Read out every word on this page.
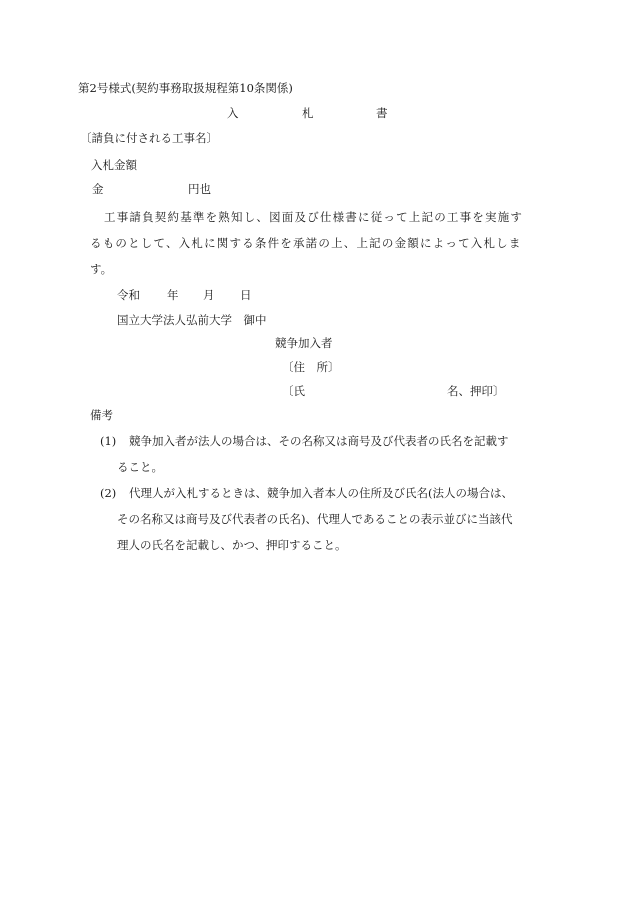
第2号様式(契約事務取扱規程第10条関係)
入	札	書
〔請負に付される工事名〕
入札金額
金	円也
工事請負契約基準を熟知し、図面及び仕様書に従って上記の工事を実施す
るものとして、入札に関する条件を承諾の上、上記の金額によって入札しま
す。
令和 年 月 日
国立大学法人弘前大学　御中
競争加入者
〔住　所〕
〔氏	名、押印〕
備考
(1) 競争加入者が法人の場合は、その名称又は商号及び代表者の氏名を記載す
ること。
(2) 代理人が入札するときは、競争加入者本人の住所及び氏名(法人の場合は、
その名称又は商号及び代表者の氏名)、代理人であることの表示並びに当該代
理人の氏名を記載し、かつ、押印すること。
